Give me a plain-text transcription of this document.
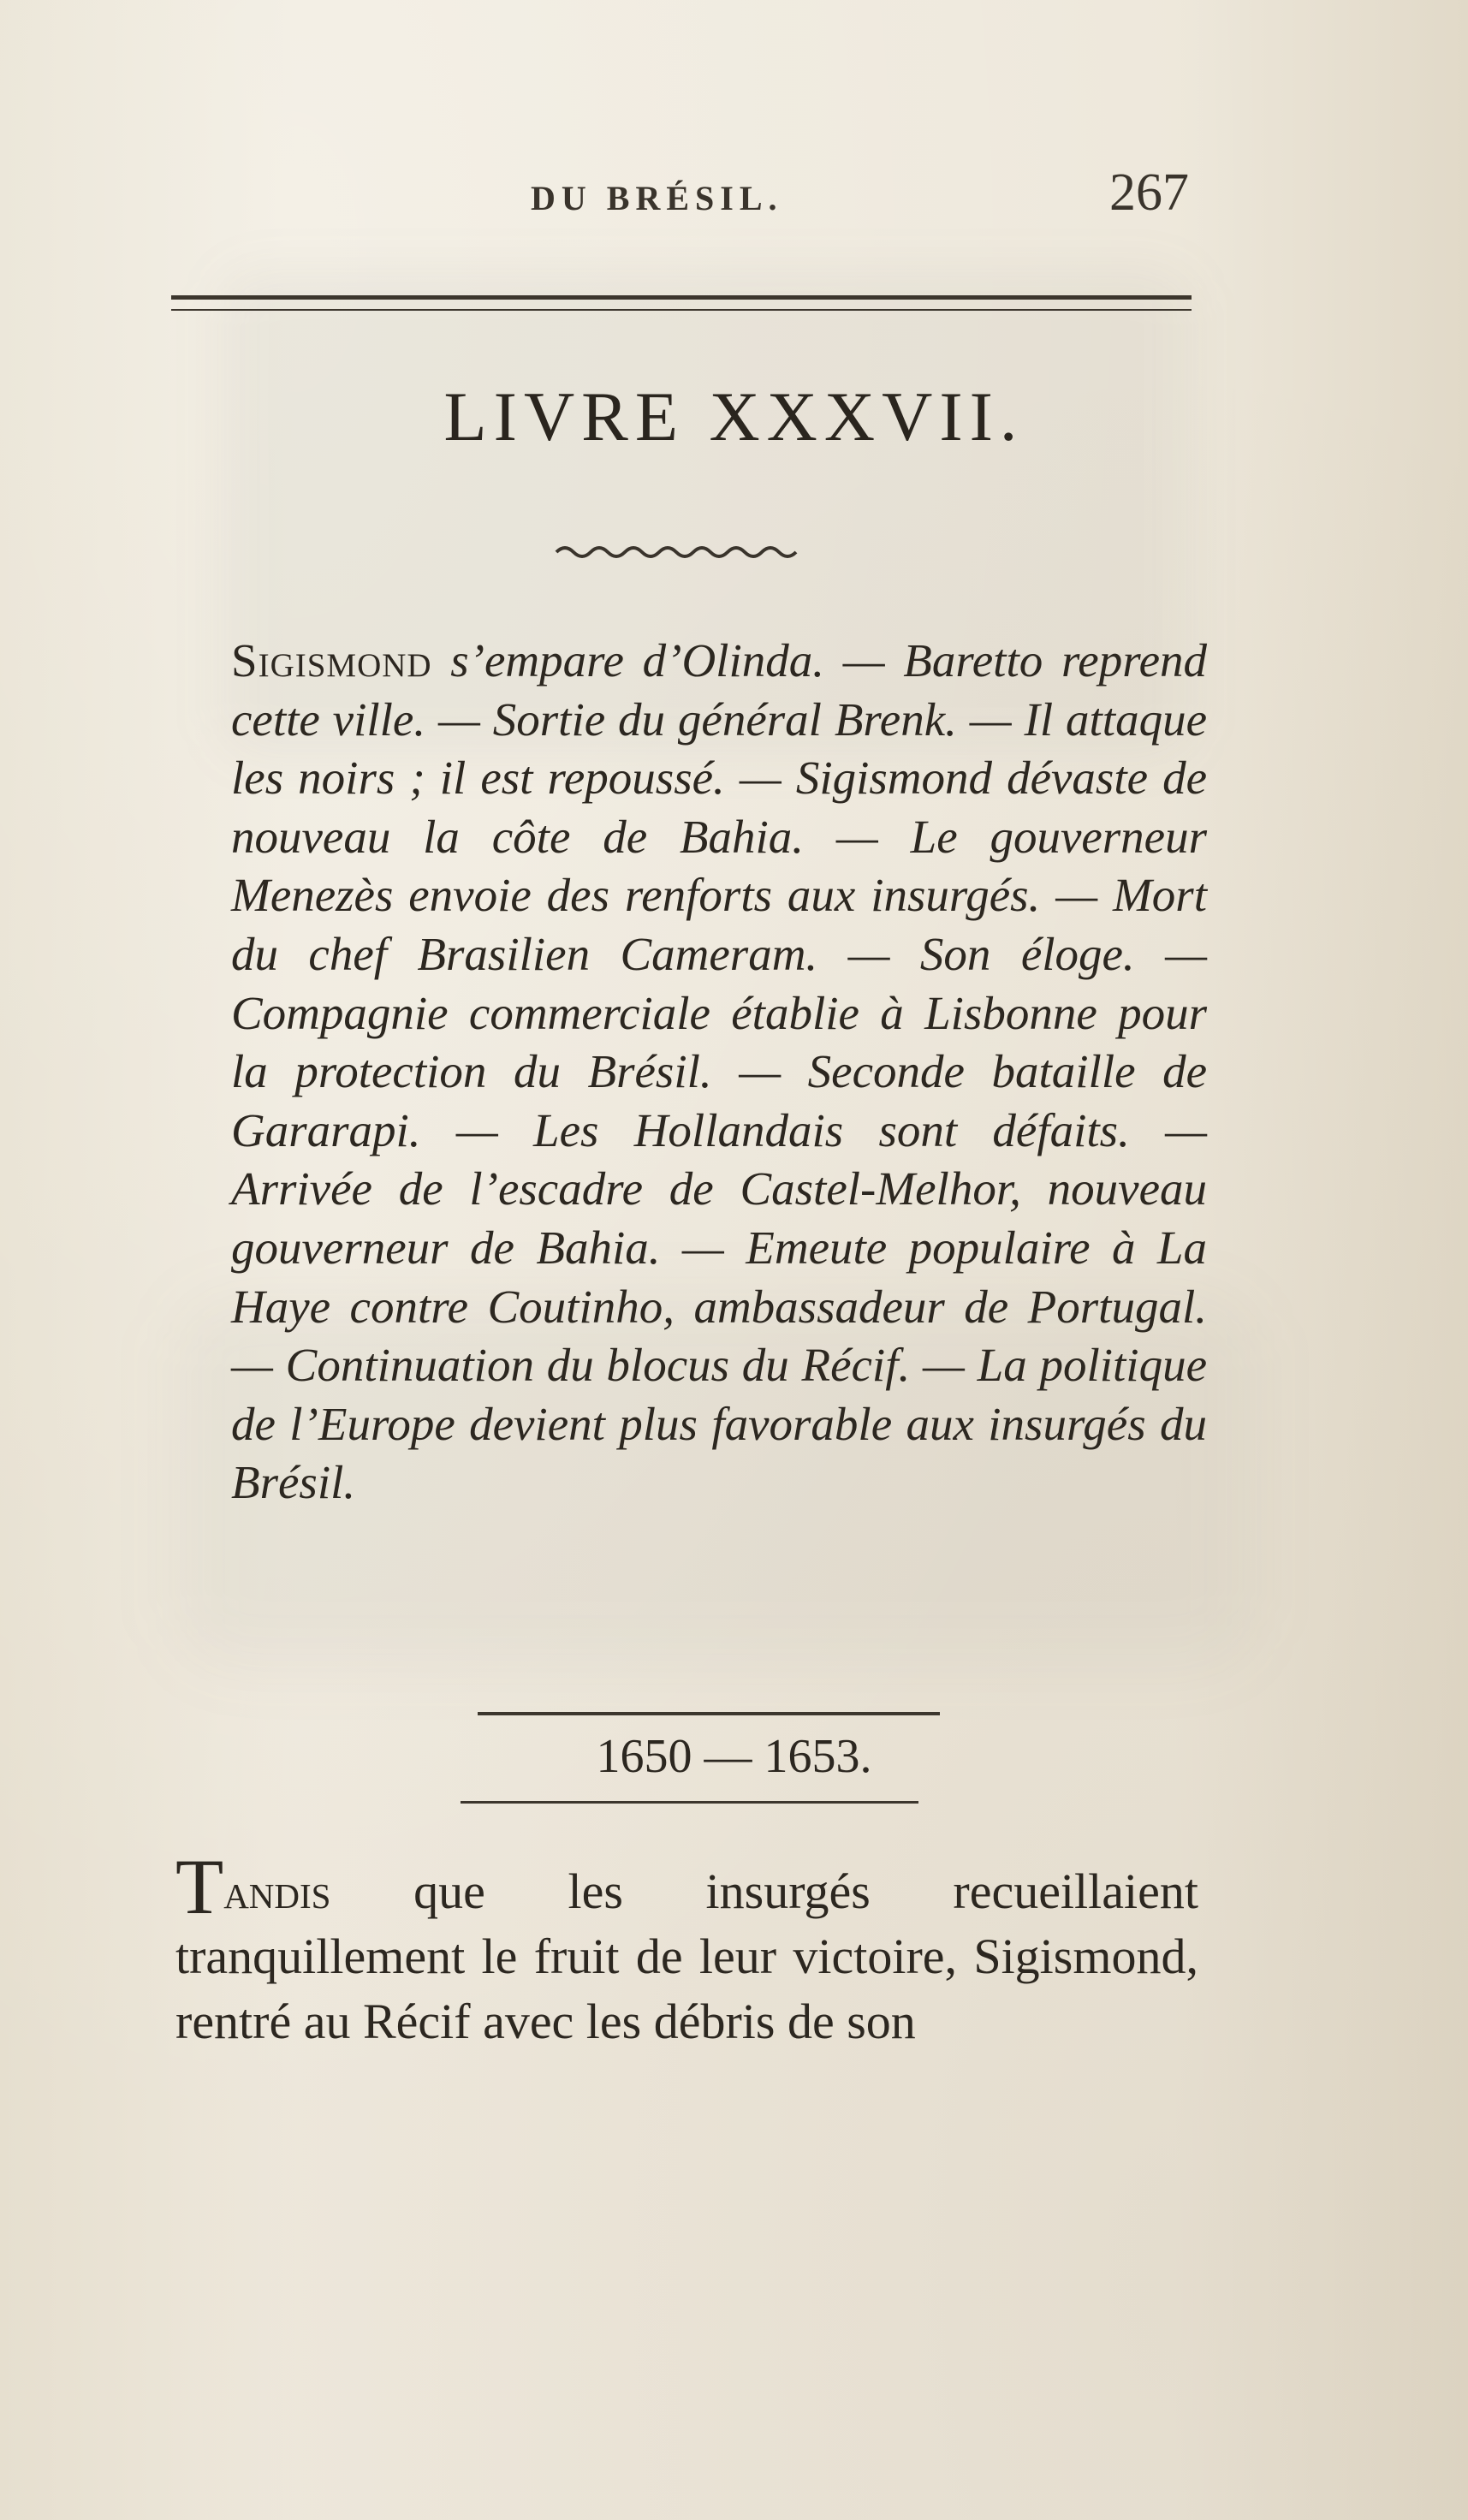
DU BRÉSIL.	267
LIVRE XXXVII.
Sigismond s’empare d’Olinda. — Baretto reprend cette ville. — Sortie du général Brenk. — Il attaque les noirs ; il est repoussé. — Sigismond dévaste de nouveau la côte de Bahia. — Le gouverneur Menezès envoie des renforts aux insurgés. — Mort du chef Brasilien Cameram. — Son éloge. — Compagnie commerciale établie à Lisbonne pour la protection du Brésil. — Seconde bataille de Gararapi. — Les Hollandais sont défaits. — Arrivée de l’escadre de Castel-Melhor, nouveau gouverneur de Bahia. — Emeute populaire à La Haye contre Coutinho, ambassadeur de Portugal. — Continuation du blocus du Récif. — La politique de l’Europe devient plus favorable aux insurgés du Brésil.
1650 — 1653.
Tandis que les insurgés recueillaient tranquillement le fruit de leur victoire, Sigismond, rentré au Récif avec les débris de son
